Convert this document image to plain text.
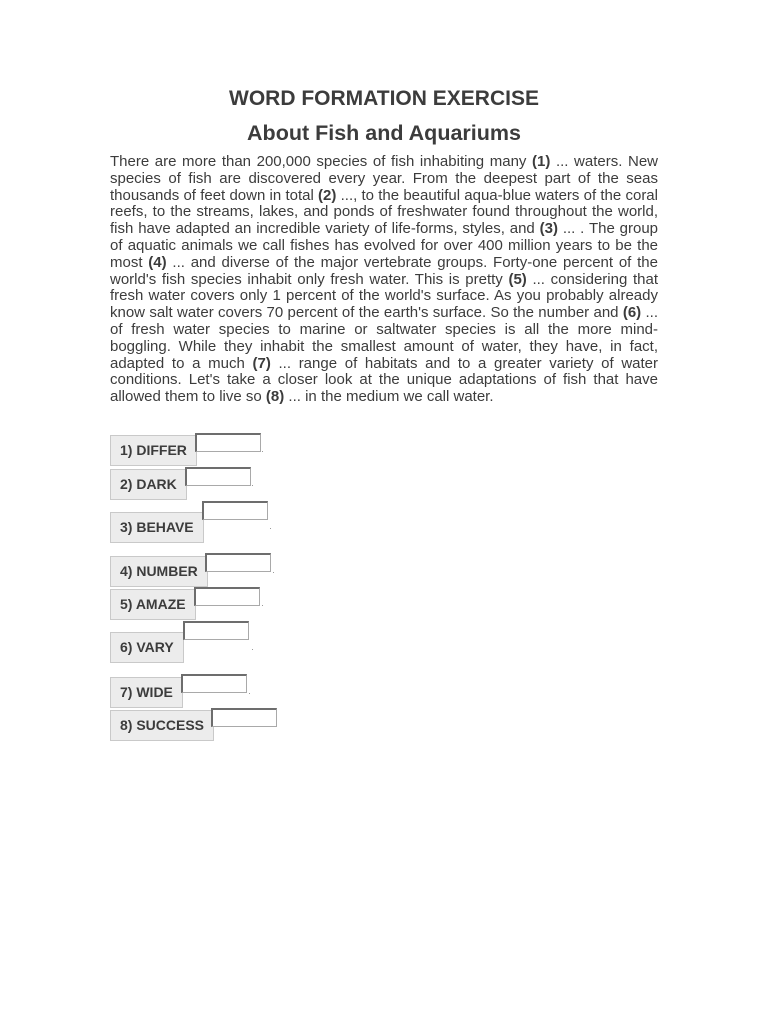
WORD FORMATION EXERCISE
About Fish and Aquariums

There are more than 200,000 species of fish inhabiting many (1) ... waters. New species of fish are discovered every year. From the deepest part of the seas thousands of feet down in total (2) ..., to the beautiful aqua-blue waters of the coral reefs, to the streams, lakes, and ponds of freshwater found throughout the world, fish have adapted an incredible variety of life-forms, styles, and (3) ... . The group of aquatic animals we call fishes has evolved for over 400 million years to be the most (4) ... and diverse of the major vertebrate groups. Forty-one percent of the world's fish species inhabit only fresh water. This is pretty (5) ... considering that fresh water covers only 1 percent of the world's surface. As you probably already know salt water covers 70 percent of the earth's surface. So the number and (6) ... of fresh water species to marine or saltwater species is all the more mind-boggling. While they inhabit the smallest amount of water, they have, in fact, adapted to a much (7) ... range of habitats and to a greater variety of water conditions. Let's take a closer look at the unique adaptations of fish that have allowed them to live so (8) ... in the medium we call water.

1) DIFFER
2) DARK
3) BEHAVE
4) NUMBER
5) AMAZE
6) VARY
7) WIDE
8) SUCCESS
